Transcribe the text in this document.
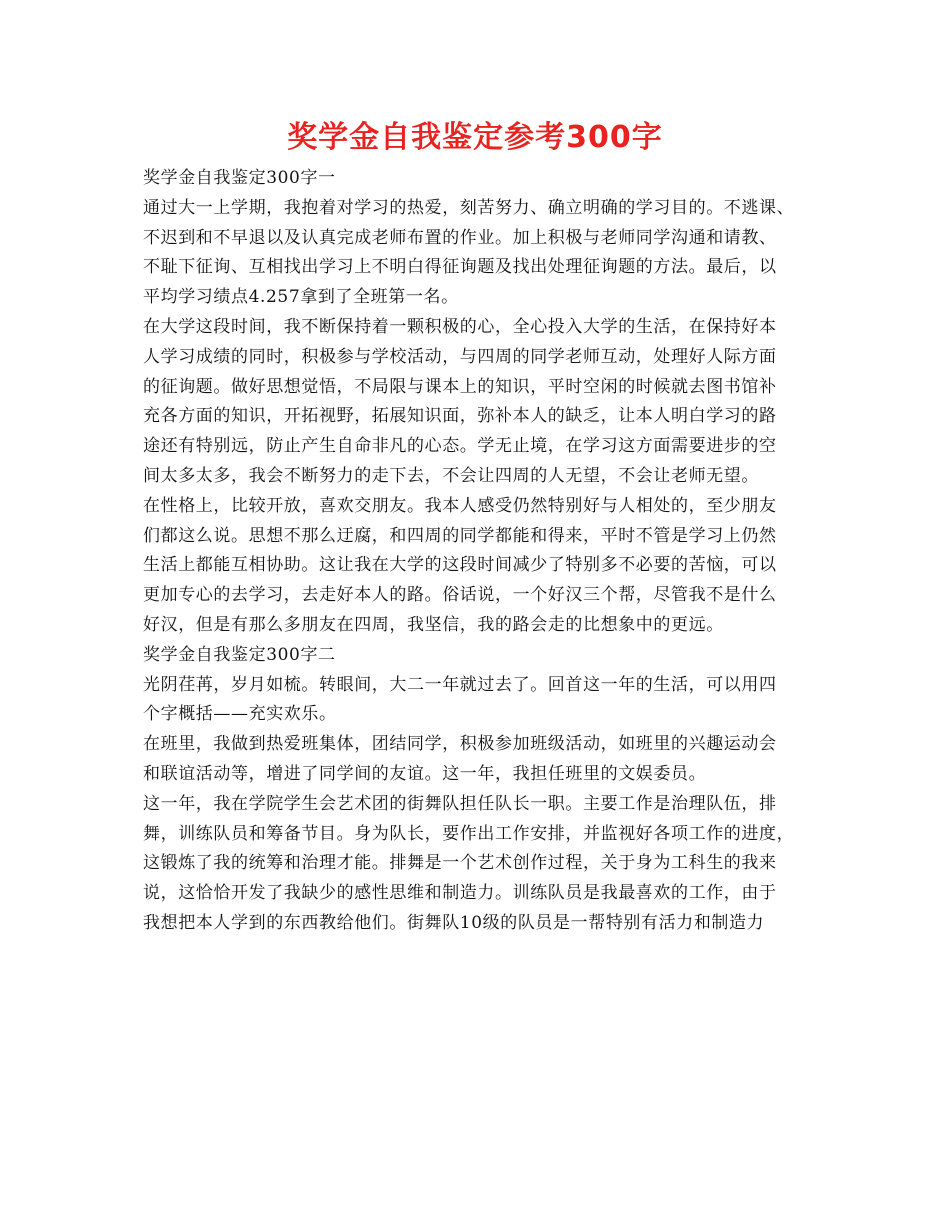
奖学金自我鉴定参考300字
奖学金自我鉴定300字一
通过大一上学期，我抱着对学习的热爱，刻苦努力、确立明确的学习目的。不逃课、
不迟到和不早退以及认真完成老师布置的作业。加上积极与老师同学沟通和请教、
不耻下征询、互相找出学习上不明白得征询题及找出处理征询题的方法。最后，以
平均学习绩点4.257拿到了全班第一名。
在大学这段时间，我不断保持着一颗积极的心，全心投入大学的生活，在保持好本
人学习成绩的同时，积极参与学校活动，与四周的同学老师互动，处理好人际方面
的征询题。做好思想觉悟，不局限与课本上的知识，平时空闲的时候就去图书馆补
充各方面的知识，开拓视野，拓展知识面，弥补本人的缺乏，让本人明白学习的路
途还有特别远，防止产生自命非凡的心态。学无止境，在学习这方面需要进步的空
间太多太多，我会不断努力的走下去，不会让四周的人无望，不会让老师无望。
在性格上，比较开放，喜欢交朋友。我本人感受仍然特别好与人相处的，至少朋友
们都这么说。思想不那么迂腐，和四周的同学都能和得来，平时不管是学习上仍然
生活上都能互相协助。这让我在大学的这段时间减少了特别多不必要的苦恼，可以
更加专心的去学习，去走好本人的路。俗话说，一个好汉三个帮，尽管我不是什么
好汉，但是有那么多朋友在四周，我坚信，我的路会走的比想象中的更远。
奖学金自我鉴定300字二
光阴荏苒，岁月如梳。转眼间，大二一年就过去了。回首这一年的生活，可以用四
个字概括——充实欢乐。
在班里，我做到热爱班集体，团结同学，积极参加班级活动，如班里的兴趣运动会
和联谊活动等，增进了同学间的友谊。这一年，我担任班里的文娱委员。
这一年，我在学院学生会艺术团的街舞队担任队长一职。主要工作是治理队伍，排
舞，训练队员和筹备节目。身为队长，要作出工作安排，并监视好各项工作的进度，
这锻炼了我的统筹和治理才能。排舞是一个艺术创作过程，关于身为工科生的我来
说，这恰恰开发了我缺少的感性思维和制造力。训练队员是我最喜欢的工作，由于
我想把本人学到的东西教给他们。街舞队10级的队员是一帮特别有活力和制造力
